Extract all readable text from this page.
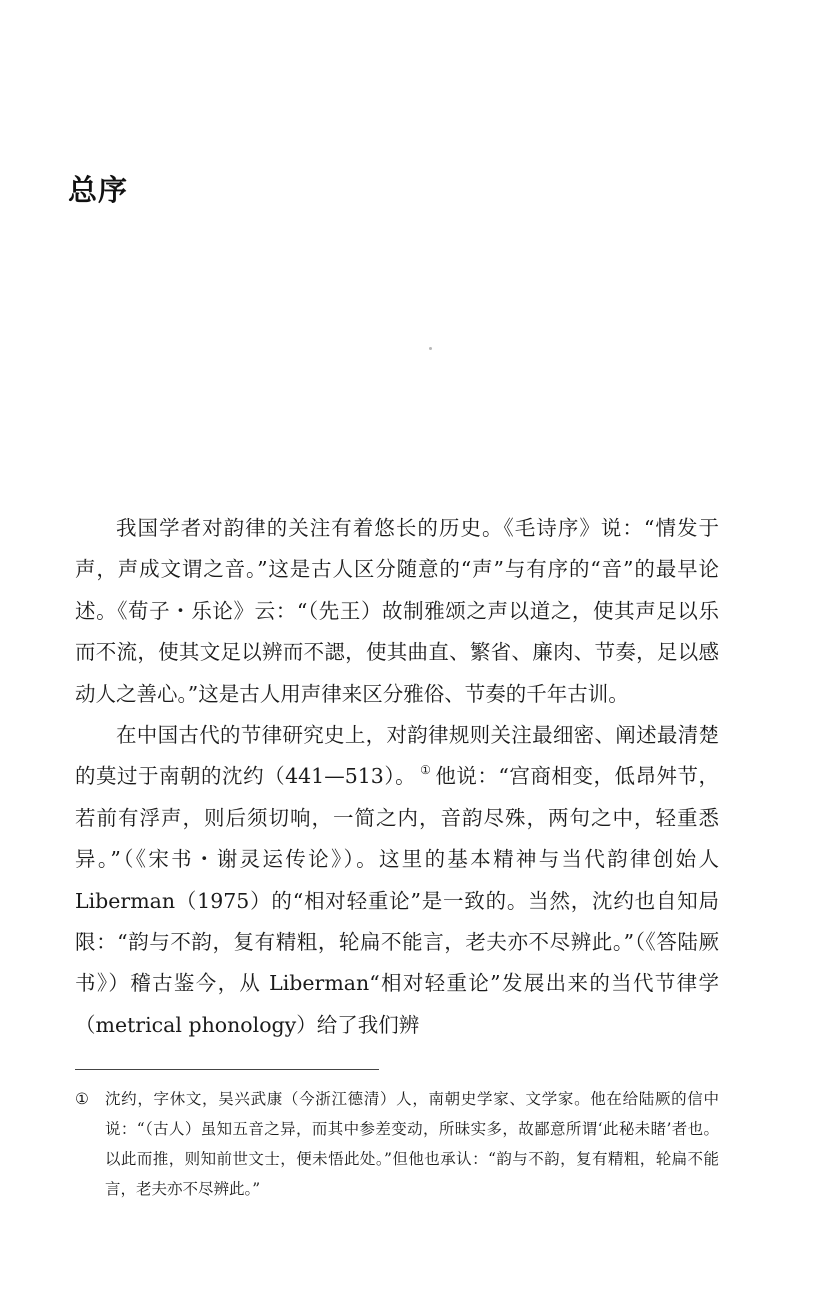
总序

我国学者对韵律的关注有着悠长的历史。《毛诗序》说：“情发于声，声成文谓之音。”这是古人区分随意的“声”与有序的“音”的最早论述。《荀子・乐论》云：“（先王）故制雅颂之声以道之，使其声足以乐而不流，使其文足以辨而不諰，使其曲直、繁省、廉肉、节奏，足以感动人之善心。”这是古人用声律来区分雅俗、节奏的千年古训。

在中国古代的节律研究史上，对韵律规则关注最细密、阐述最清楚的莫过于南朝的沈约（441—513）。 ① 他说：“宫商相变，低昂舛节，若前有浮声，则后须切响，一简之内，音韵尽殊，两句之中，轻重悉异。”（《宋书・谢灵运传论》）。这里的基本精神与当代韵律创始人 Liberman（1975）的“相对轻重论”是一致的。当然，沈约也自知局限：“韵与不韵，复有精粗，轮扁不能言，老夫亦不尽辨此。”（《答陆厥书》）稽古鉴今，从 Liberman“相对轻重论”发展出来的当代节律学（metrical phonology）给了我们辨

①	沈约，字休文，吴兴武康（今浙江德清）人，南朝史学家、文学家。他在给陆厥的信中说：“（古人）虽知五音之异，而其中参差变动，所昧实多，故鄙意所谓‘此秘未睹’者也。以此而推，则知前世文士，便未悟此处。”但他也承认：“韵与不韵，复有精粗，轮扁不能言，老夫亦不尽辨此。”
